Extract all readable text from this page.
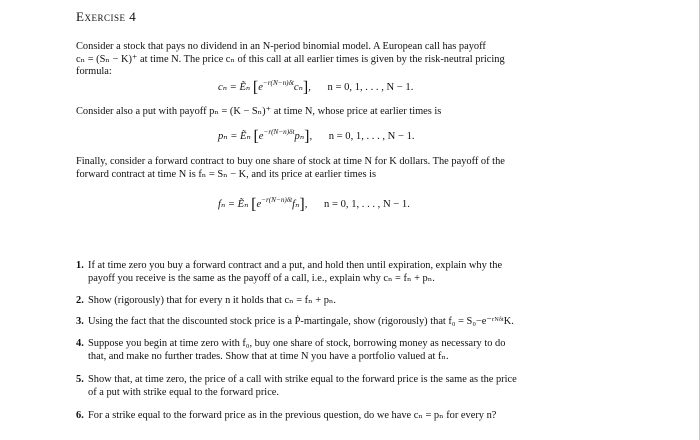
Exercise 4
Consider a stock that pays no dividend in an N-period binomial model. A European call has payoff
cₙ = (Sₙ − K)⁺ at time N. The price cₙ of this call at all earlier times is given by the risk-neutral pricing
formula:
cₙ = Ẽₙ $[e^{-r(N-n)\delta t}c_n]$, n = 0, 1, . . . , N − 1.
Consider also a put with payoff pₙ = (K − Sₙ)⁺ at time N, whose price at earlier times is
pₙ = Ẽₙ $[e^{-r(N-n)\delta t}p_n]$, n = 0, 1, . . . , N − 1.
Finally, consider a forward contract to buy one share of stock at time N for K dollars. The payoff of the
forward contract at time N is fₙ = Sₙ − K, and its price at earlier times is
fₙ = Ẽₙ $[e^{-r(N-n)\delta t}f_n]$, n = 0, 1, . . . , N − 1.
1. If at time zero you buy a forward contract and a put, and hold then until expiration, explain why the
payoff you receive is the same as the payoff of a call, i.e., explain why cₙ = fₙ + pₙ.
2. Show (rigorously) that for every n it holds that cₙ = fₙ + pₙ.
3. Using the fact that the discounted stock price is a Ṗ-martingale, show (rigorously) that f₀ = S₀−e⁻ʳᴺᵟᵗK.
4. Suppose you begin at time zero with f₀, buy one share of stock, borrowing money as necessary to do
that, and make no further trades. Show that at time N you have a portfolio valued at fₙ.
5. Show that, at time zero, the price of a call with strike equal to the forward price is the same as the price
of a put with strike equal to the forward price.
6. For a strike equal to the forward price as in the previous question, do we have cₙ = pₙ for every n?
